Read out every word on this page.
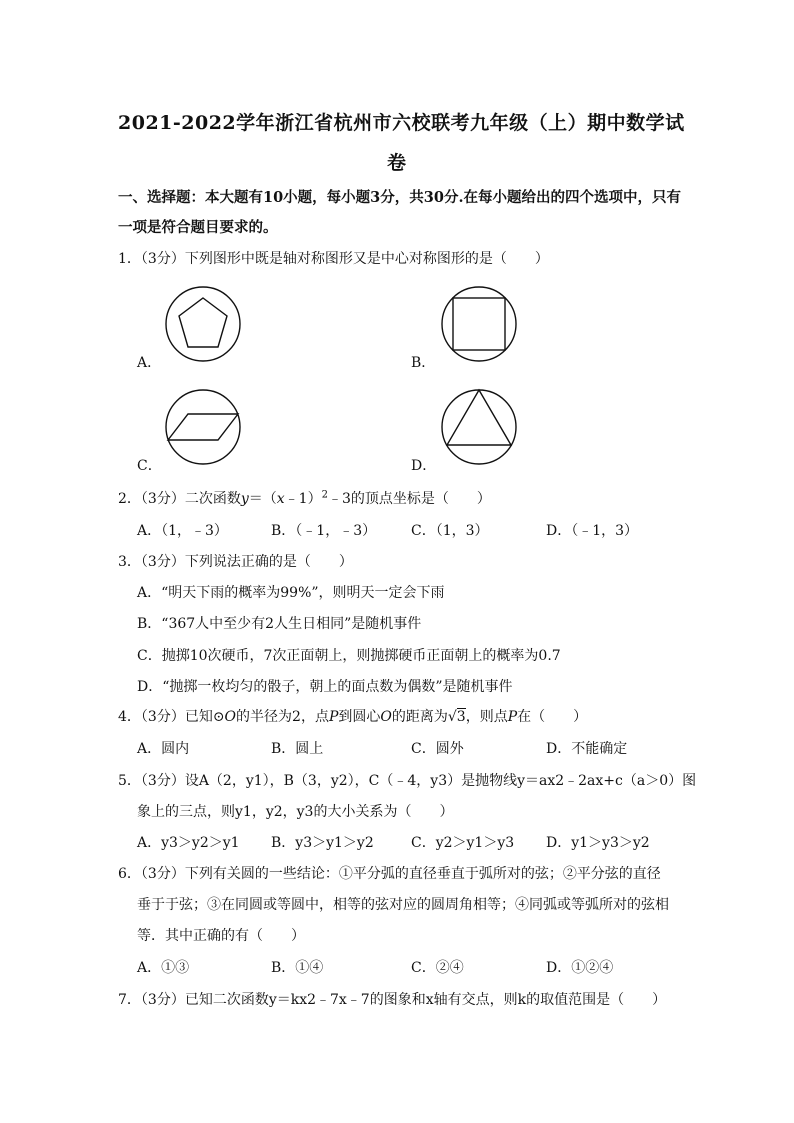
2021-2022学年浙江省杭州市六校联考九年级（上）期中数学试
卷
一、选择题：本大题有10小题，每小题3分，共30分.在每小题给出的四个选项中，只有
一项是符合题目要求的。
1．（3分）下列图形中既是轴对称图形又是中心对称图形的是（　　）
A．	B．
C．	D．
2．（3分）二次函数y＝（x﹣1）$^2$﹣3的顶点坐标是（　　）
A．（1，﹣3）	B．（﹣1，﹣3） C．（1，3）	D．（﹣1，3）
3．（3分）下列说法正确的是（　　）
A．“明天下雨的概率为99%”，则明天一定会下雨
B．“367人中至少有2人生日相同”是随机事件
C．抛掷10次硬币，7次正面朝上，则抛掷硬币正面朝上的概率为0.7
D．“抛掷一枚均匀的骰子，朝上的面点数为偶数”是随机事件
4．（3分）已知⊙O的半径为2，点P到圆心O的距离为√3，则点P在（　　）
A．圆内	B．圆上	C．圆外	D．不能确定
5．（3分）设A（2，y1），B（3，y2），C（﹣4，y3）是抛物线y＝ax2﹣2ax+c（a＞0）图
象上的三点，则y1，y2，y3的大小关系为（　　）
A．y3＞y2＞y1 B．y3＞y1＞y2	C．y2＞y1＞y3 D．y1＞y3＞y2
6．（3分）下列有关圆的一些结论：①平分弧的直径垂直于弧所对的弦；②平分弦的直径
垂于于弦；③在同圆或等圆中，相等的弦对应的圆周角相等；④同弧或等弧所对的弦相
等．其中正确的有（　　）
A．①③	B．①④	C．②④	D．①②④
7．（3分）已知二次函数y＝kx2﹣7x﹣7的图象和x轴有交点，则k的取值范围是（　　）
